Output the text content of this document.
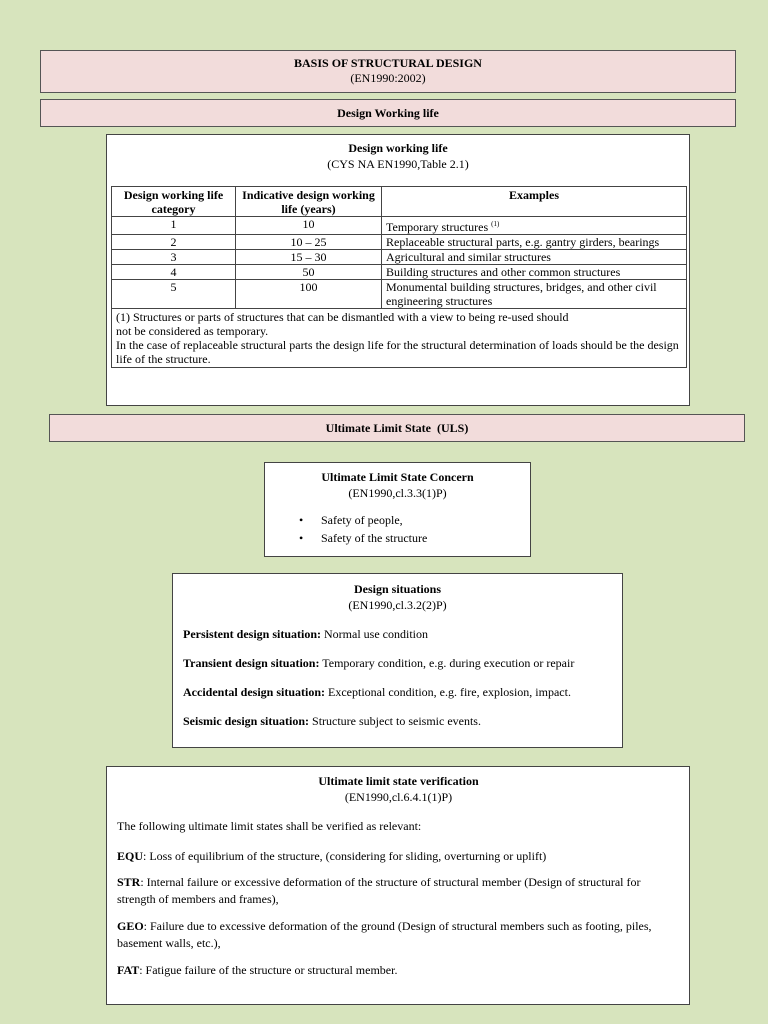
BASIS OF STRUCTURAL DESIGN
(EN1990:2002)
Design Working life
Design working life
(CYS NA EN1990,Table 2.1)
Design working life category	Indicative design working life (years)	Examples
1	10	Temporary structures $^{(1)}$
2	10 – 25	Replaceable structural parts, e.g. gantry girders, bearings
3	15 – 30	Agricultural and similar structures
4	50	Building structures and other common structures
5	100	Monumental building structures, bridges, and other civil engineering structures

(1) Structures or parts of structures that can be dismantled with a view to being re-used should
not be considered as temporary.
In the case of replaceable structural parts the design life for the structural determination of loads should be the design life of the structure.		
Ultimate Limit State  (ULS)
Ultimate Limit State Concern
(EN1990,cl.3.3(1)P)
• Safety of people,
• Safety of the structure
Design situations
(EN1990,cl.3.2(2)P)

Persistent design situation: Normal use condition

Transient design situation: Temporary condition, e.g. during execution or repair

Accidental design situation: Exceptional condition, e.g. fire, explosion, impact.

Seismic design situation: Structure subject to seismic events.

Ultimate limit state verification
(EN1990,cl.6.4.1(1)P)

The following ultimate limit states shall be verified as relevant:

EQU: Loss of equilibrium of the structure, (considering for sliding, overturning or uplift)

STR: Internal failure or excessive deformation of the structure of structural member (Design of structural for strength of members and frames),

GEO: Failure due to excessive deformation of the ground (Design of structural members such as footing, piles, basement walls, etc.),

FAT: Fatigue failure of the structure or structural member.
